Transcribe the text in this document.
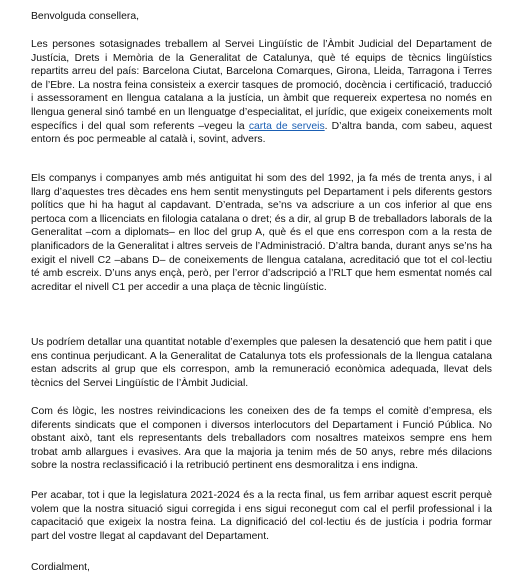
Benvolguda consellera,
Les persones sotasignades treballem al Servei Lingüístic de l’Àmbit Judicial del Departament de Justícia, Drets i Memòria de la Generalitat de Catalunya, què té equips de tècnics lingüístics repartits arreu del país: Barcelona Ciutat, Barcelona Comarques, Girona, Lleida, Tarragona i Terres de l’Ebre. La nostra feina consisteix a exercir tasques de promoció, docència i certificació, traducció i assessorament en llengua catalana a la justícia, un àmbit que requereix expertesa no només en llengua general sinó també en un llenguatge d’especialitat, el jurídic, que exigeix coneixements molt específics i del qual som referents –vegeu la carta de serveis. D’altra banda, com sabeu, aquest entorn és poc permeable al català i, sovint, advers.
Els companys i companyes amb més antiguitat hi som des del 1992, ja fa més de trenta anys, i al llarg d’aquestes tres dècades ens hem sentit menystinguts pel Departament i pels diferents gestors polítics que hi ha hagut al capdavant. D’entrada, se’ns va adscriure a un cos inferior al que ens pertoca com a llicenciats en filologia catalana o dret; és a dir, al grup B de treballadors laborals de la Generalitat –com a diplomats– en lloc del grup A, què és el que ens correspon com a la resta de planificadors de la Generalitat i altres serveis de l’Administració. D’altra banda, durant anys se’ns ha exigit el nivell C2 –abans D– de coneixements de llengua catalana, acreditació que tot el col·lectiu té amb escreix. D’uns anys ençà, però, per l’error d’adscripció a l’RLT que hem esmentat només cal acreditar el nivell C1 per accedir a una plaça de tècnic lingüístic.
Us podríem detallar una quantitat notable d’exemples que palesen la desatenció que hem patit i que ens continua perjudicant. A la Generalitat de Catalunya tots els professionals de la llengua catalana estan adscrits al grup que els correspon, amb la remuneració econòmica adequada, llevat dels tècnics del Servei Lingüístic de l’Àmbit Judicial.
Com és lògic, les nostres reivindicacions les coneixen des de fa temps el comitè d’empresa, els diferents sindicats que el componen i diversos interlocutors del Departament i Funció Pública. No obstant això, tant els representants dels treballadors com nosaltres mateixos sempre ens hem trobat amb allargues i evasives. Ara que la majoria ja tenim més de 50 anys, rebre més dilacions sobre la nostra reclassificació i la retribució pertinent ens desmoralitza i ens indigna.
Per acabar, tot i que la legislatura 2021-2024 és a la recta final, us fem arribar aquest escrit perquè volem que la nostra situació sigui corregida i ens sigui reconegut com cal el perfil professional i la capacitació que exigeix la nostra feina. La dignificació del col·lectiu és de justícia i podria formar part del vostre llegat al capdavant del Departament.
Cordialment,
